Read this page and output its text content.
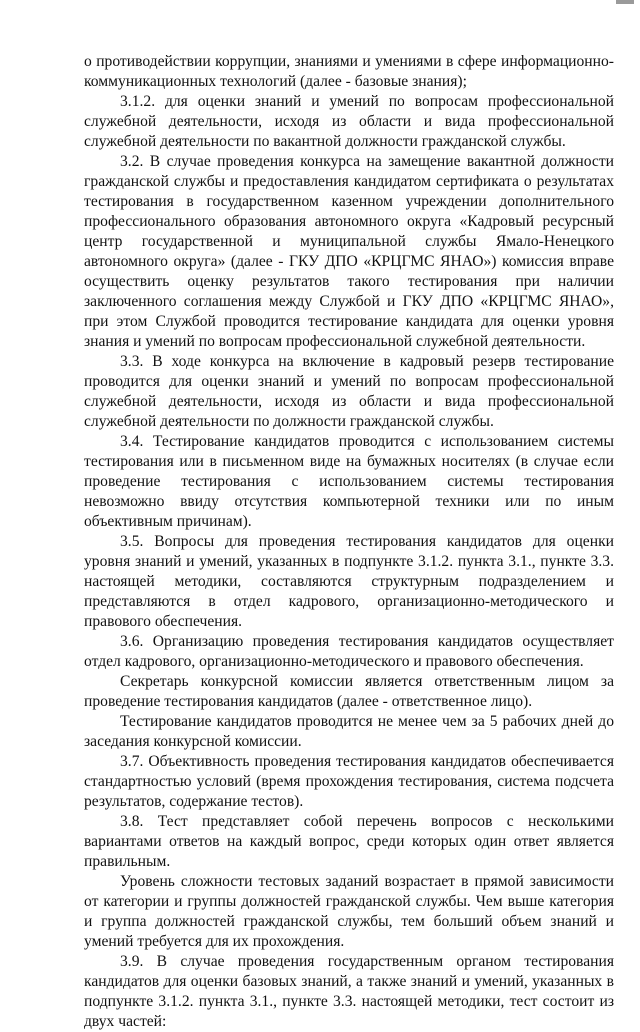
о противодействии коррупции, знаниями и умениями в сфере информационно-коммуникационных технологий (далее - базовые знания);

3.1.2. для оценки знаний и умений по вопросам профессиональной служебной деятельности, исходя из области и вида профессиональной служебной деятельности по вакантной должности гражданской службы.

3.2. В случае проведения конкурса на замещение вакантной должности гражданской службы и предоставления кандидатом сертификата о результатах тестирования в государственном казенном учреждении дополнительного профессионального образования автономного округа «Кадровый ресурсный центр государственной и муниципальной службы Ямало-Ненецкого автономного округа» (далее - ГКУ ДПО «КРЦГМС ЯНАО») комиссия вправе осуществить оценку результатов такого тестирования при наличии заключенного соглашения между Службой и ГКУ ДПО «КРЦГМС ЯНАО», при этом Службой проводится тестирование кандидата для оценки уровня знания и умений по вопросам профессиональной служебной деятельности.

3.3. В ходе конкурса на включение в кадровый резерв тестирование проводится для оценки знаний и умений по вопросам профессиональной служебной деятельности, исходя из области и вида профессиональной служебной деятельности по должности гражданской службы.

3.4. Тестирование кандидатов проводится с использованием системы тестирования или в письменном виде на бумажных носителях (в случае если проведение тестирования с использованием системы тестирования невозможно ввиду отсутствия компьютерной техники или по иным объективным причинам).

3.5. Вопросы для проведения тестирования кандидатов для оценки уровня знаний и умений, указанных в подпункте 3.1.2. пункта 3.1., пункте 3.3. настоящей методики, составляются структурным подразделением и представляются в отдел кадрового, организационно-методического и правового обеспечения.

3.6. Организацию проведения тестирования кандидатов осуществляет отдел кадрового, организационно-методического и правового обеспечения.

Секретарь конкурсной комиссии является ответственным лицом за проведение тестирования кандидатов (далее - ответственное лицо).

Тестирование кандидатов проводится не менее чем за 5 рабочих дней до заседания конкурсной комиссии.

3.7. Объективность проведения тестирования кандидатов обеспечивается стандартностью условий (время прохождения тестирования, система подсчета результатов, содержание тестов).

3.8. Тест представляет собой перечень вопросов с несколькими вариантами ответов на каждый вопрос, среди которых один ответ является правильным.

Уровень сложности тестовых заданий возрастает в прямой зависимости от категории и группы должностей гражданской службы. Чем выше категория и группа должностей гражданской службы, тем больший объем знаний и умений требуется для их прохождения.

3.9. В случае проведения государственным органом тестирования кандидатов для оценки базовых знаний, а также знаний и умений, указанных в подпункте 3.1.2. пункта 3.1., пункте 3.3. настоящей методики, тест состоит из двух частей:
